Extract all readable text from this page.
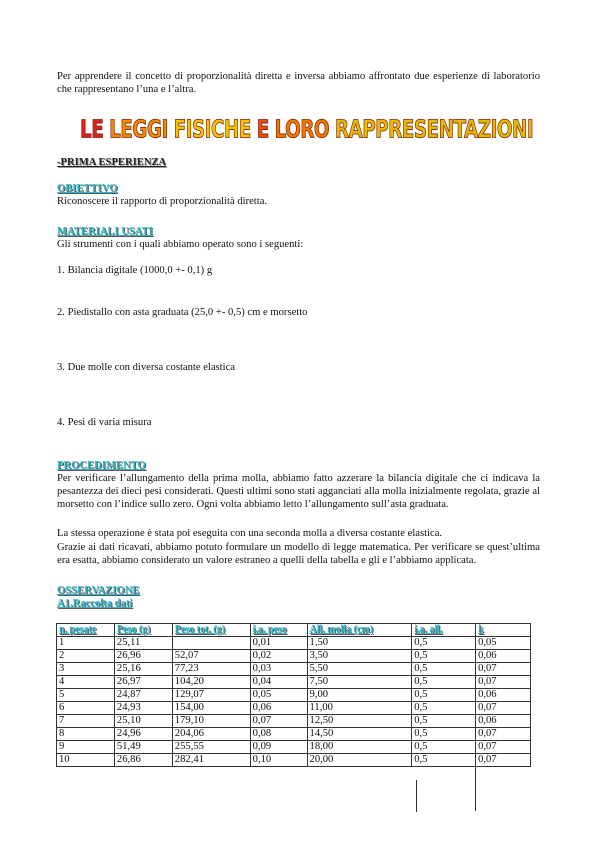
Per apprendere il concetto di proporzionalità diretta e inversa abbiamo affrontato due esperienze di laboratorio che rappresentano l’una e l’altra.

LE LEGGI FISICHE E LORO RAPPRESENTAZIONI

-PRIMA ESPERIENZA

OBIETTIVO

Riconoscere il rapporto di proporzionalità diretta.

MATERIALI USATI

Gli strumenti con i quali abbiamo operato sono i seguenti:

1. Bilancia digitale (1000,0 +- 0,1) g

2. Piedistallo con asta graduata (25,0 +- 0,5) cm e morsetto

3. Due molle con diversa costante elastica

4. Pesi di varia misura

PROCEDIMENTO

Per verificare l’allungamento della prima molla, abbiamo fatto azzerare la bilancia digitale che ci indicava la pesantezza dei dieci pesi considerati. Questi ultimi sono stati agganciati alla molla inizialmente regolata, grazie al morsetto con l’indice sullo zero. Ogni volta abbiamo letto l’allungamento sull’asta graduata.

La stessa operazione è stata poi eseguita con una seconda molla a diversa costante elastica.

Grazie ai dati ricavati, abbiamo potuto formulare un modello di legge matematica. Per verificare se quest’ultima era esatta, abbiamo considerato un valore estraneo a quelli della tabella e gli e l’abbiamo applicata.

OSSERVAZIONE

A1.Raccolta dati

n. pesate	Peso (g)	Peso tot. (g)	i.a. peso	All. molla (cm)	i.a. all.	k
1	25,11		0,01	1,50	0,5	0,05
2	26,96	52,07	0,02	3,50	0,5	0,06
3	25,16	77,23	0,03	5,50	0,5	0,07
4	26,97	104,20	0,04	7,50	0,5	0,07
5	24,87	129,07	0,05	9,00	0,5	0,06
6	24,93	154,00	0,06	11,00	0,5	0,07
7	25,10	179,10	0,07	12,50	0,5	0,06
8	24,96	204,06	0,08	14,50	0,5	0,07
9	51,49	255,55	0,09	18,00	0,5	0,07
10	26,86	282,41	0,10	20,00	0,5	0,07
